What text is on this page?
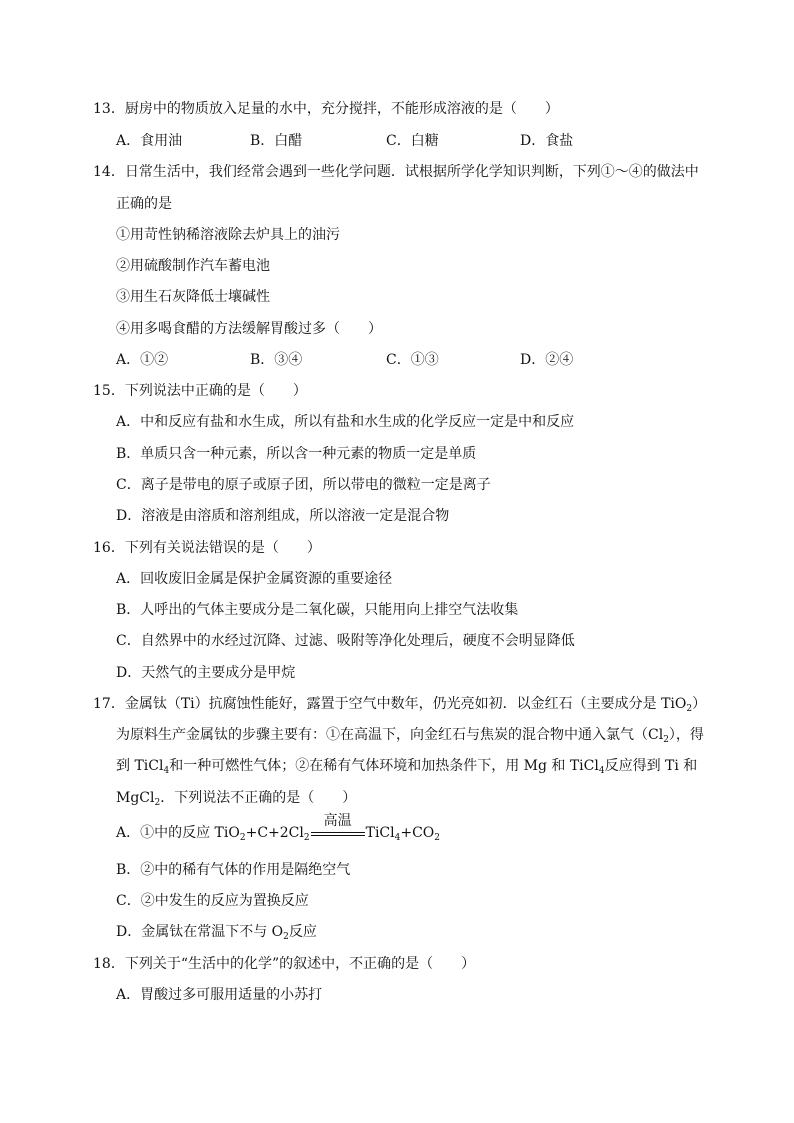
13．厨房中的物质放入足量的水中，充分搅拌，不能形成溶液的是（　　）
A．食用油	B．白醋	C．白糖	D．食盐
14．日常生活中，我们经常会遇到一些化学问题．试根据所学化学知识判断，下列①～④的做法中
正确的是
①用苛性钠稀溶液除去炉具上的油污
②用硫酸制作汽车蓄电池
③用生石灰降低士壤碱性
④用多喝食醋的方法缓解胃酸过多（　　）
A．①②	B．③④	C．①③	D．②④
15．下列说法中正确的是（　　）
A．中和反应有盐和水生成，所以有盐和水生成的化学反应一定是中和反应
B．单质只含一种元素，所以含一种元素的物质一定是单质
C．离子是带电的原子或原子团，所以带电的微粒一定是离子
D．溶液是由溶质和溶剂组成，所以溶液一定是混合物
16．下列有关说法错误的是（　　）
A．回收废旧金属是保护金属资源的重要途径
B．人呼出的气体主要成分是二氧化碳，只能用向上排空气法收集
C．自然界中的水经过沉降、过滤、吸附等净化处理后，硬度不会明显降低
D．天然气的主要成分是甲烷
17．金属钛（Ti）抗腐蚀性能好，露置于空气中数年，仍光亮如初．以金红石（主要成分是 TiO$_2$）
为原料生产金属钛的步骤主要有：①在高温下，向金红石与焦炭的混合物中通入氯气$(Cl_2)$，得
到 TiCl$_4$和一种可燃性气体；②在稀有气体环境和加热条件下，用 Mg 和 TiCl$_4$反应得到 Ti 和
MgCl$_2$．下列说法不正确的是（　　）
A．①中的反应 $TiO_2+C+2Cl_2$
高温
$TiCl_4+CO_2$
B．②中的稀有气体的作用是隔绝空气
C．②中发生的反应为置换反应
D．金属钛在常温下不与 $O_2$反应
18．下列关于“生活中的化学”的叙述中，不正确的是（　　）
A．胃酸过多可服用适量的小苏打
